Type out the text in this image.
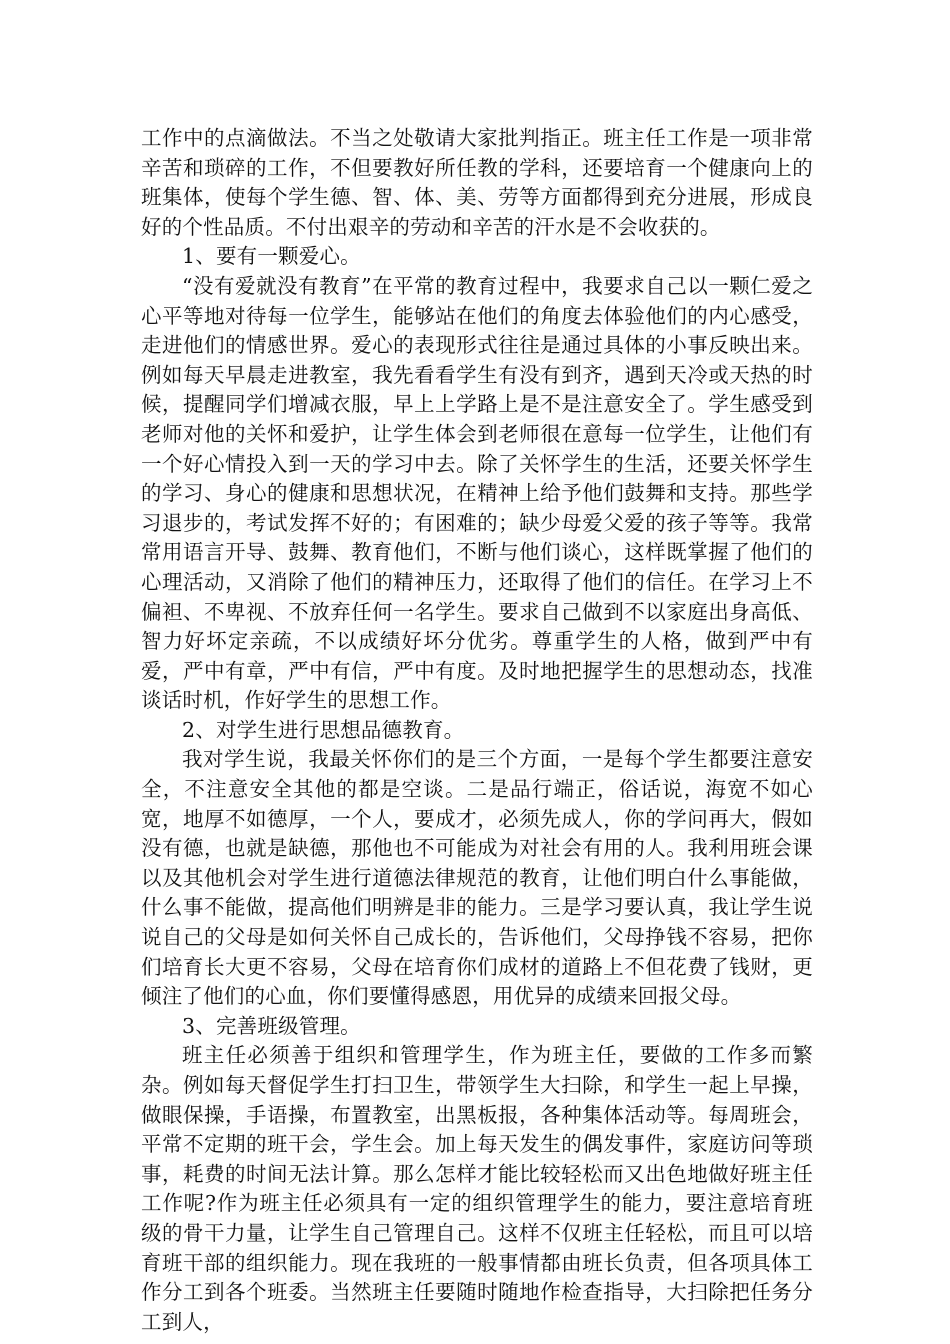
工作中的点滴做法。不当之处敬请大家批判指正。班主任工作是一项非常辛苦和琐碎的工作，不但要教好所任教的学科，还要培育一个健康向上的班集体，使每个学生德、智、体、美、劳等方面都得到充分进展，形成良好的个性品质。不付出艰辛的劳动和辛苦的汗水是不会收获的。

1、要有一颗爱心。

“没有爱就没有教育”在平常的教育过程中，我要求自己以一颗仁爱之心平等地对待每一位学生，能够站在他们的角度去体验他们的内心感受，走进他们的情感世界。爱心的表现形式往往是通过具体的小事反映出来。例如每天早晨走进教室，我先看看学生有没有到齐，遇到天冷或天热的时候，提醒同学们增减衣服，早上上学路上是不是注意安全了。学生感受到老师对他的关怀和爱护，让学生体会到老师很在意每一位学生，让他们有一个好心情投入到一天的学习中去。除了关怀学生的生活，还要关怀学生的学习、身心的健康和思想状况，在精神上给予他们鼓舞和支持。那些学习退步的，考试发挥不好的；有困难的；缺少母爱父爱的孩子等等。我常常用语言开导、鼓舞、教育他们，不断与他们谈心，这样既掌握了他们的心理活动，又消除了他们的精神压力，还取得了他们的信任。在学习上不偏袒、不卑视、不放弃任何一名学生。要求自己做到不以家庭出身高低、智力好坏定亲疏，不以成绩好坏分优劣。尊重学生的人格，做到严中有爱，严中有章，严中有信，严中有度。及时地把握学生的思想动态，找准谈话时机，作好学生的思想工作。

2、对学生进行思想品德教育。

我对学生说，我最关怀你们的是三个方面，一是每个学生都要注意安全，不注意安全其他的都是空谈。二是品行端正，俗话说，海宽不如心宽，地厚不如德厚，一个人，要成才，必须先成人，你的学问再大，假如没有德，也就是缺德，那他也不可能成为对社会有用的人。我利用班会课以及其他机会对学生进行道德法律规范的教育，让他们明白什么事能做，什么事不能做，提高他们明辨是非的能力。三是学习要认真，我让学生说说自己的父母是如何关怀自己成长的，告诉他们，父母挣钱不容易，把你们培育长大更不容易，父母在培育你们成材的道路上不但花费了钱财，更倾注了他们的心血，你们要懂得感恩，用优异的成绩来回报父母。

3、完善班级管理。

班主任必须善于组织和管理学生，作为班主任，要做的工作多而繁杂。例如每天督促学生打扫卫生，带领学生大扫除，和学生一起上早操，做眼保操，手语操，布置教室，出黑板报，各种集体活动等。每周班会，平常不定期的班干会，学生会。加上每天发生的偶发事件，家庭访问等琐事，耗费的时间无法计算。那么怎样才能比较轻松而又出色地做好班主任工作呢?作为班主任必须具有一定的组织管理学生的能力，要注意培育班级的骨干力量，让学生自己管理自己。这样不仅班主任轻松，而且可以培育班干部的组织能力。现在我班的一般事情都由班长负责，但各项具体工作分工到各个班委。当然班主任要随时随地作检查指导，大扫除把任务分工到人，
